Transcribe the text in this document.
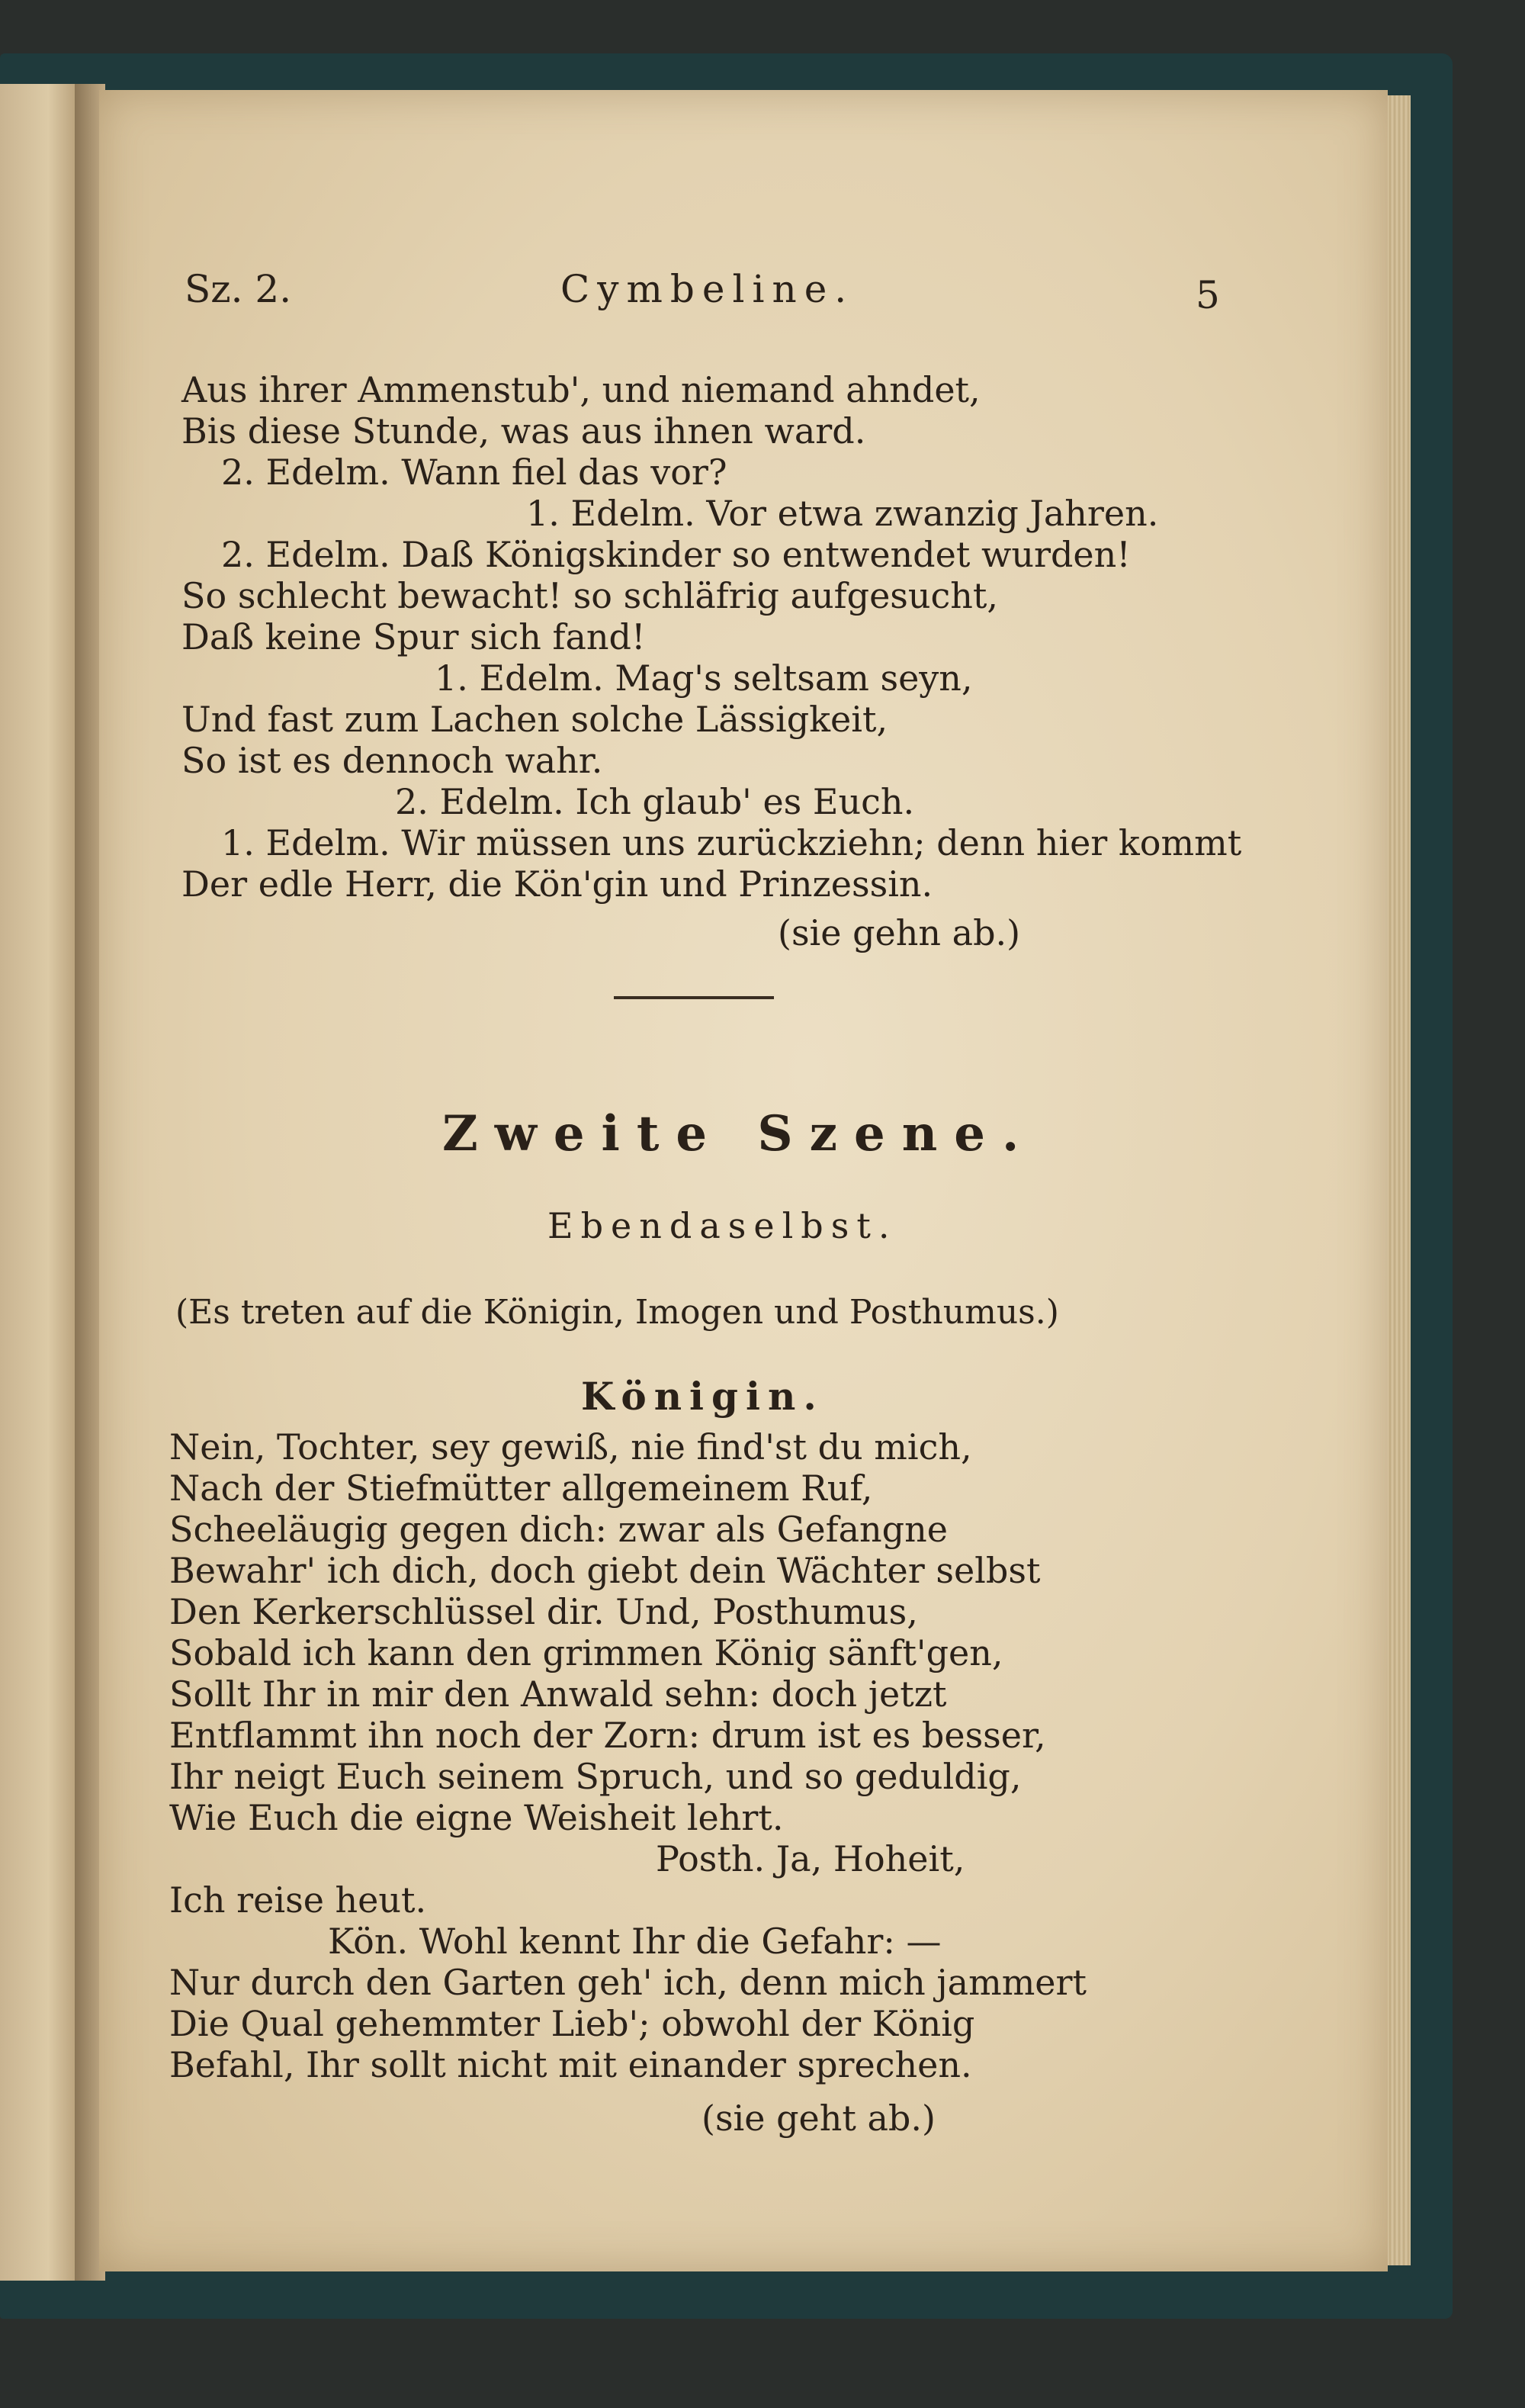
Sz. 2.	Cymbeline.	5
Aus ihrer Ammenstub', und niemand ahndet,
Bis diese Stunde, was aus ihnen ward.
2. Edelm. Wann fiel das vor?
1. Edelm. Vor etwa zwanzig Jahren.
2. Edelm. Daß Königskinder so entwendet wurden!
So schlecht bewacht! so schläfrig aufgesucht,
Daß keine Spur sich fand!
1. Edelm. Mag's seltsam seyn,
Und fast zum Lachen solche Lässigkeit,
So ist es dennoch wahr.
2. Edelm. Ich glaub' es Euch.
1. Edelm. Wir müssen uns zurückziehn; denn hier kommt
Der edle Herr, die Kön'gin und Prinzessin.
(sie gehn ab.)
Zweite Szene.
Ebendaselbst.
(Es treten auf die Königin, Imogen und Posthumus.)
Königin.
Nein, Tochter, sey gewiß, nie find'st du mich,
Nach der Stiefmütter allgemeinem Ruf,
Scheeläugig gegen dich: zwar als Gefangne
Bewahr' ich dich, doch giebt dein Wächter selbst
Den Kerkerschlüssel dir. Und, Posthumus,
Sobald ich kann den grimmen König sänft'gen,
Sollt Ihr in mir den Anwald sehn: doch jetzt
Entflammt ihn noch der Zorn: drum ist es besser,
Ihr neigt Euch seinem Spruch, und so geduldig,
Wie Euch die eigne Weisheit lehrt.
Posth. Ja, Hoheit,
Ich reise heut.
Kön. Wohl kennt Ihr die Gefahr: —
Nur durch den Garten geh' ich, denn mich jammert
Die Qual gehemmter Lieb'; obwohl der König
Befahl, Ihr sollt nicht mit einander sprechen.
(sie geht ab.)
